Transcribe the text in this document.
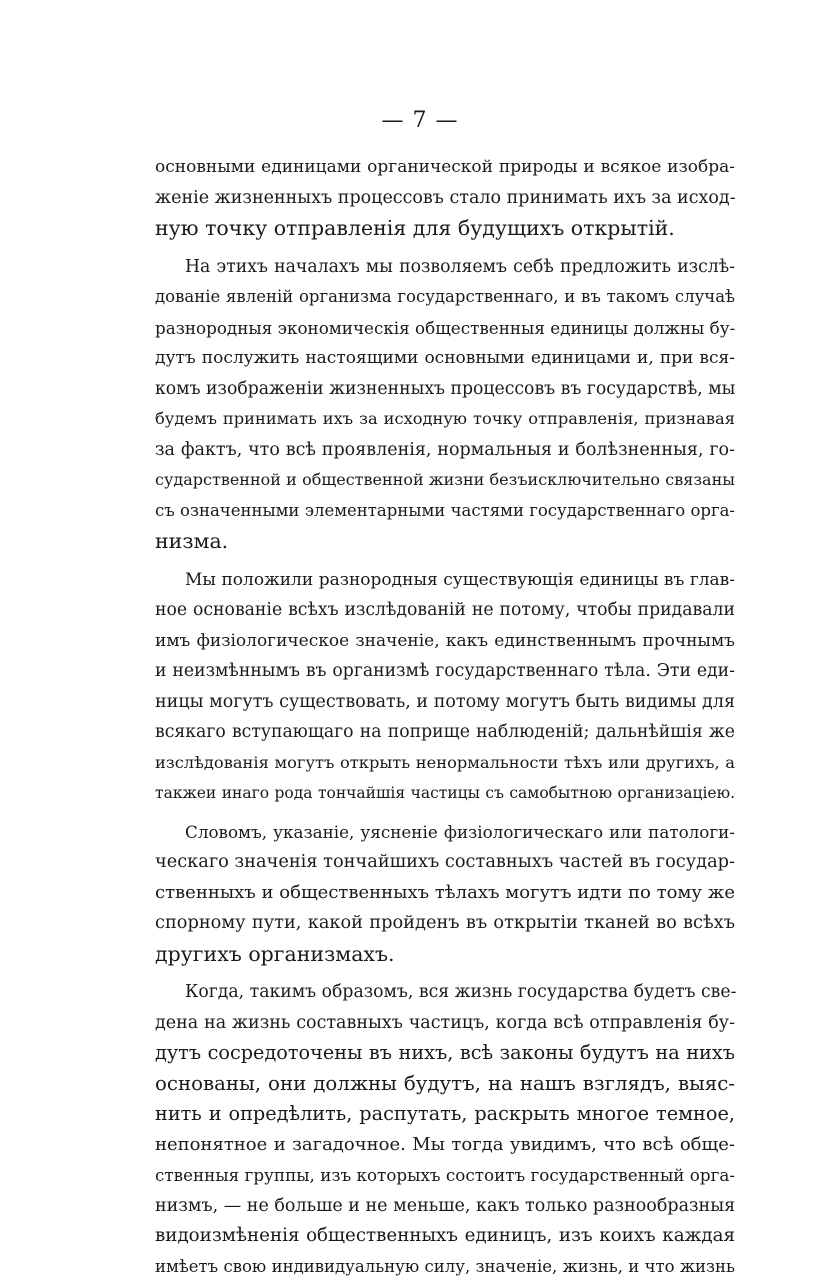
— 7 —
основными единицами органической природы и всякое изобра-
женіе жизненныхъ процессовъ стало принимать ихъ за исход-
ную точку отправленія для будущихъ открытій.
На этихъ началахъ мы позволяемъ себѣ предложить изслѣ-
дованіе явленій организма государственнаго, и въ такомъ случаѣ
разнородныя экономическія общественныя единицы должны бу-
дутъ послужить настоящими основными единицами и, при вся-
комъ изображеніи жизненныхъ процессовъ въ государствѣ, мы
будемъ принимать ихъ за исходную точку отправленія, признавая
за фактъ, что всѣ проявленія, нормальныя и болѣзненныя, го-
сударственной и общественной жизни безъисключительно связаны
съ означенными элементарными частями государственнаго орга-
низма.
Мы положили разнородныя существующія единицы въ глав-
ное основаніе всѣхъ изслѣдованій не потому, чтобы придавали
имъ физіологическое значеніе, какъ единственнымъ прочнымъ
и неизмѣннымъ въ организмѣ государственнаго тѣла. Эти еди-
ницы могутъ существовать, и потому могутъ быть видимы для
всякаго вступающаго на поприще наблюденій; дальнѣйшія же
изслѣдованія могутъ открыть ненормальности тѣхъ или другихъ, а
такжеи инаго рода тончайшія частицы съ самобытною организаціею.
Словомъ, указаніе, уясненіе физіологическаго или патологи-
ческаго значенія тончайшихъ составныхъ частей въ государ-
ственныхъ и общественныхъ тѣлахъ могутъ идти по тому же
спорному пути, какой пройденъ въ открытіи тканей во всѣхъ
другихъ организмахъ.
Когда, такимъ образомъ, вся жизнь государства будетъ све-
дена на жизнь составныхъ частицъ, когда всѣ отправленія бу-
дутъ сосредоточены въ нихъ, всѣ законы будутъ на нихъ
основаны, они должны будутъ, на нашъ взглядъ, выяс-
нить и опредѣлить, распутать, раскрыть многое темное,
непонятное и загадочное. Мы тогда увидимъ, что всѣ обще-
ственныя группы, изъ которыхъ состоитъ государственный орга-
низмъ, — не больше и не меньше, какъ только разнообразныя
видоизмѣненія общественныхъ единицъ, изъ коихъ каждая
имѣетъ свою индивидуальную силу, значеніе, жизнь, и что жизнь
